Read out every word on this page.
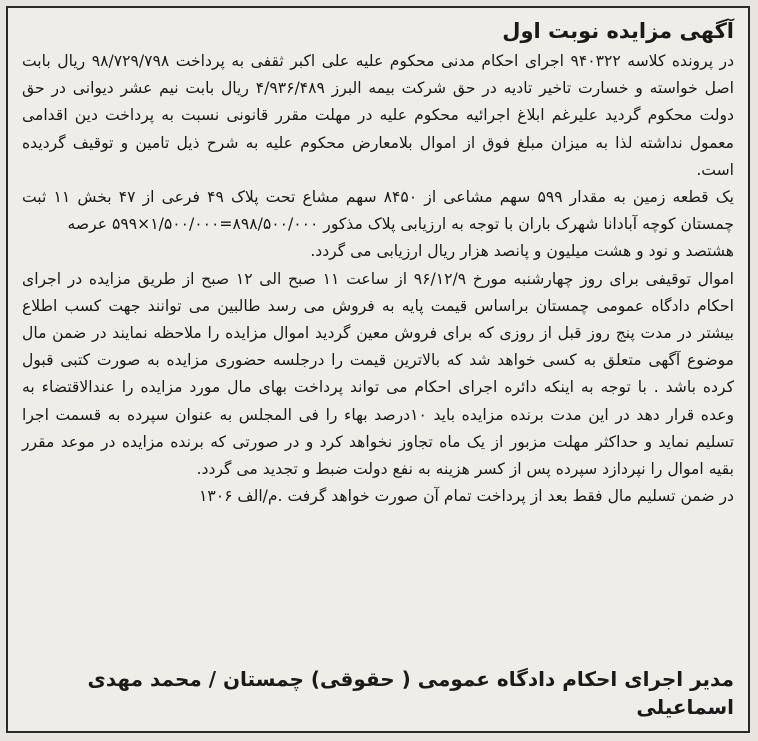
آگهی مزایده نوبت اول

در پرونده کلاسه ۹۴۰۳۲۲ اجرای احکام مدنی محکوم علیه علی اکبر ثقفی به پرداخت ۹۸/۷۲۹/۷۹۸ ریال بابت اصل خواسته و خسارت تاخیر تادیه در حق شرکت بیمه البرز ۴/۹۳۶/۴۸۹ ریال بابت نیم عشر دیوانی در حق دولت محکوم گردید علیرغم ابلاغ اجرائیه محکوم علیه در مهلت مقرر قانونی نسبت به پرداخت دین اقدامی معمول نداشته لذا به میزان مبلغ فوق از اموال بلامعارض محکوم علیه به شرح ذیل تامین و توقیف گردیده است.

یک قطعه زمین به مقدار ۵۹۹ سهم مشاعی از ۸۴۵۰ سهم مشاع تحت پلاک ۴۹ فرعی از ۴۷ بخش ۱۱ ثبت چمستان کوچه آبادانا شهرک باران با توجه به ارزیابی پلاک مذکور ۸۹۸/۵۰۰/۰۰۰=۱/۵۰۰/۰۰۰×۵۹۹ عرصه

هشتصد و نود و هشت میلیون و پانصد هزار ریال ارزیابی می گردد.

اموال توقیفی برای روز چهارشنبه مورخ ۹۶/۱۲/۹ از ساعت ۱۱ صبح الی ۱۲ صبح از طریق مزایده در اجرای احکام دادگاه عمومی چمستان براساس قیمت پایه به فروش می رسد طالبین می توانند جهت کسب اطلاع بیشتر در مدت پنج روز قبل از روزی که برای فروش معین گردید اموال مزایده را ملاحظه نمایند در ضمن مال موضوع آگهی متعلق به کسی خواهد شد که بالاترین قیمت را درجلسه حضوری مزایده به صورت کتبی قبول کرده باشد . با توجه به اینکه دائره اجرای احکام می تواند پرداخت بهای مال مورد مزایده را عندالاقتضاء به وعده قرار دهد در این مدت برنده مزایده باید ۱۰درصد بهاء را فی المجلس به عنوان سپرده به قسمت اجرا تسلیم نماید و حداکثر مهلت مزبور از یک ماه تجاوز نخواهد کرد و در صورتی که برنده مزایده در موعد مقرر بقیه اموال را نپردازد سپرده پس از کسر هزینه به نفع دولت ضبط و تجدید می گردد.

در ضمن تسلیم مال فقط بعد از پرداخت تمام آن صورت خواهد گرفت .م/الف ۱۳۰۶

مدیر اجرای احکام دادگاه عمومی ( حقوقی) چمستان / محمد مهدی اسماعیلی
